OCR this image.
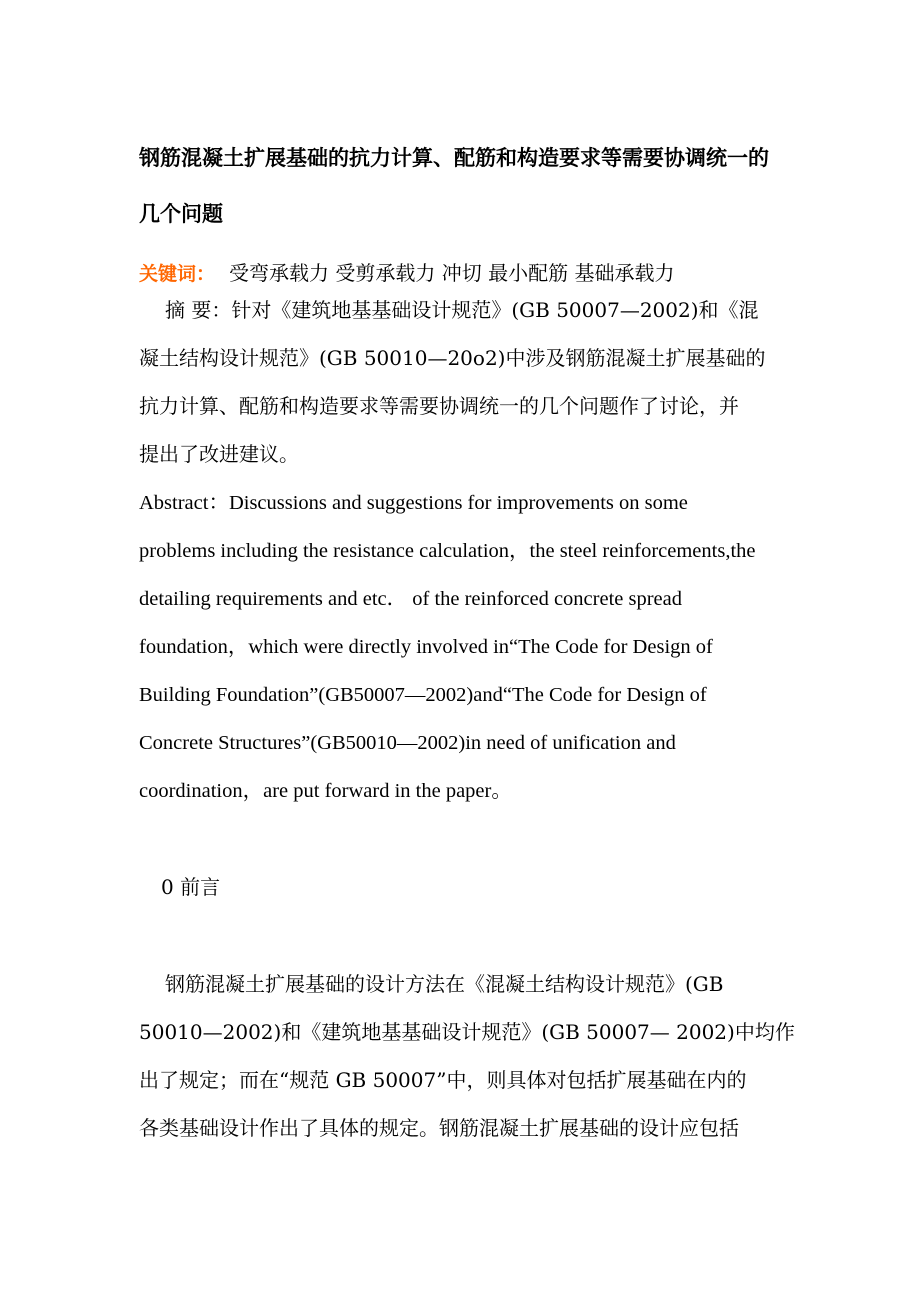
钢筋混凝土扩展基础的抗力计算、配筋和构造要求等需要协调统一的
几个问题
关键词： 受弯承载力 受剪承载力 冲切 最小配筋 基础承载力
摘 要：针对《建筑地基基础设计规范》(GB 50007—2002)和《混
凝土结构设计规范》(GB 50010—20o2)中涉及钢筋混凝土扩展基础的
抗力计算、配筋和构造要求等需要协调统一的几个问题作了讨论，并
提出了改进建议。
Abstract：Discussions and suggestions for improvements on some
problems including the resistance calculation，the steel reinforcements,the
detailing requirements and etc． of the reinforced concrete spread
foundation，which were directly involved in“The Code for Design of
Building Foundation”(GB50007—2002)and“The Code for Design of
Concrete Structures”(GB50010—2002)in need of unification and
coordination，are put forward in the paper。
0 前言
钢筋混凝土扩展基础的设计方法在《混凝土结构设计规范》(GB
50010—2002)和《建筑地基基础设计规范》(GB 50007— 2002)中均作
出了规定；而在“规范 GB 50007”中，则具体对包括扩展基础在内的
各类基础设计作出了具体的规定。钢筋混凝土扩展基础的设计应包括
